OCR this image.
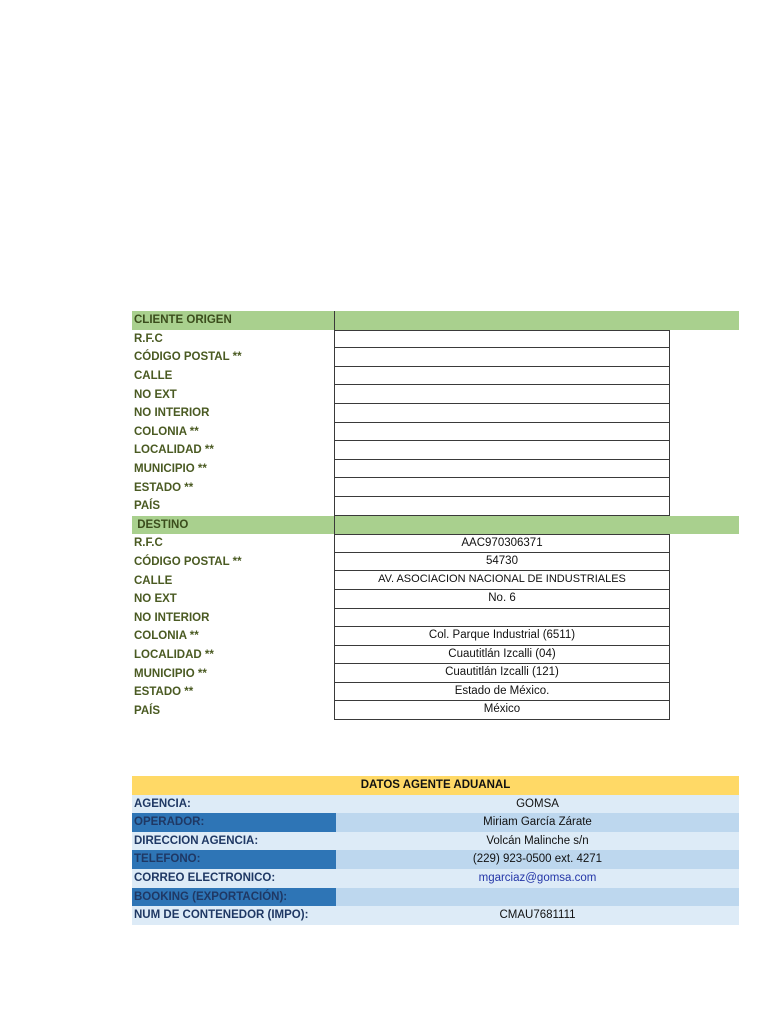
CLIENTE ORIGEN
R.F.C
CÓDIGO POSTAL **
CALLE
NO EXT
NO INTERIOR
COLONIA **
LOCALIDAD **
MUNICIPIO **
ESTADO **
PAÍS
DESTINO
R.F.C	AAC970306371
CÓDIGO POSTAL **	54730
CALLE	AV. ASOCIACION NACIONAL DE INDUSTRIALES
NO EXT	No. 6
NO INTERIOR
COLONIA **	Col. Parque Industrial (6511)
LOCALIDAD **	Cuautitlán Izcalli (04)
MUNICIPIO **	Cuautitlán Izcalli (121)
ESTADO **	Estado de México.
PAÍS	México
DATOS AGENTE ADUANAL
AGENCIA:	GOMSA
OPERADOR:	Miriam García Zárate
DIRECCION AGENCIA:	Volcán Malinche s/n
TELEFONO:	(229) 923-0500 ext. 4271
CORREO ELECTRONICO:	mgarciaz@gomsa.com
BOOKING (EXPORTACIÓN):
NUM DE CONTENEDOR (IMPO):	CMAU7681111
